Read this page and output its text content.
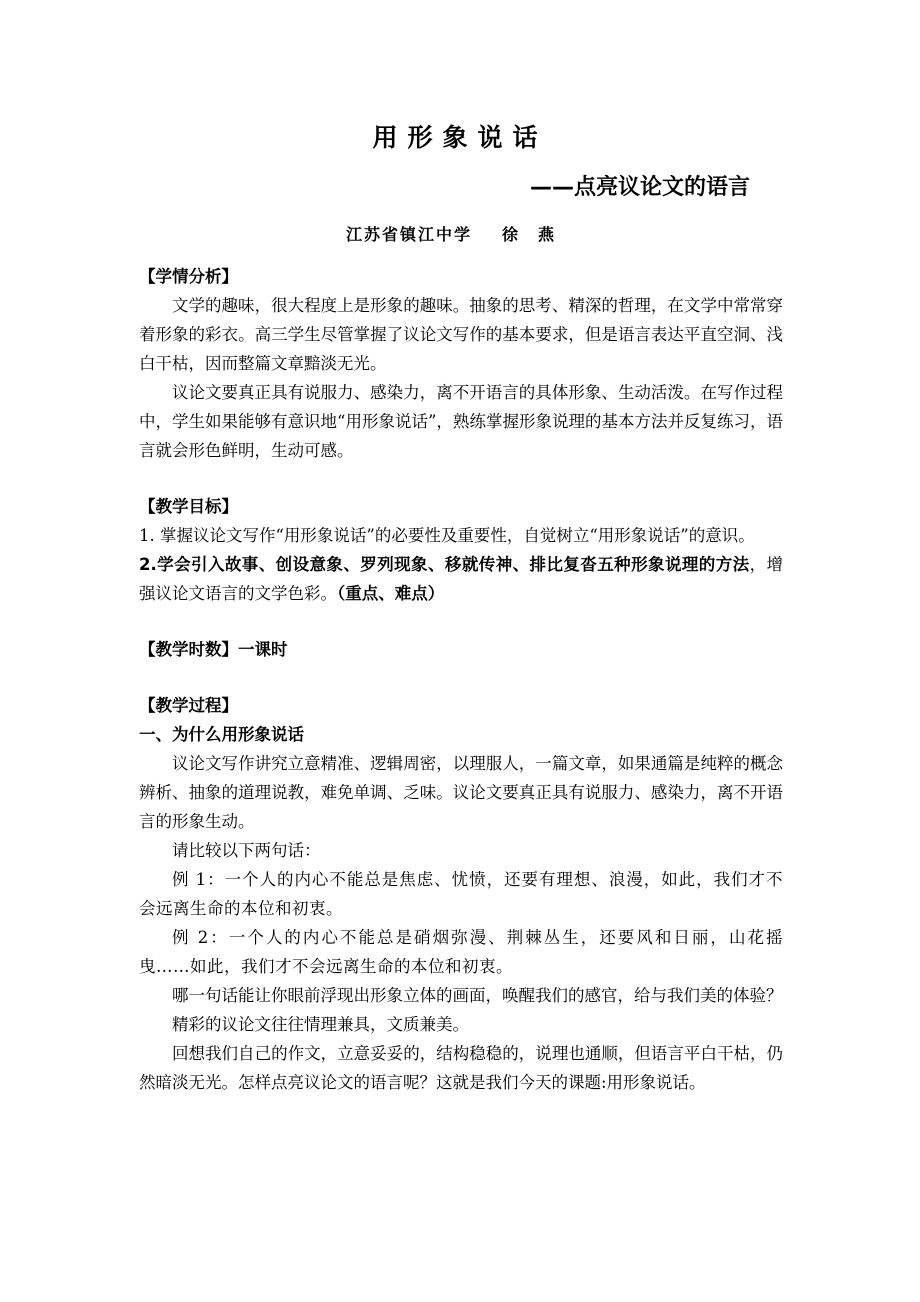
用形象说话
——点亮议论文的语言
江苏省镇江中学 徐燕

【学情分析】

文学的趣味，很大程度上是形象的趣味。抽象的思考、精深的哲理，在文学中常常穿着形象的彩衣。高三学生尽管掌握了议论文写作的基本要求，但是语言表达平直空洞、浅白干枯，因而整篇文章黯淡无光。

议论文要真正具有说服力、感染力，离不开语言的具体形象、生动活泼。在写作过程中，学生如果能够有意识地“用形象说话”，熟练掌握形象说理的基本方法并反复练习，语言就会形色鲜明，生动可感。

【教学目标】

1. 掌握议论文写作“用形象说话”的必要性及重要性，自觉树立“用形象说话”的意识。

2.学会引入故事、创设意象、罗列现象、移就传神、排比复沓五种形象说理的方法，增强议论文语言的文学色彩。（重点、难点）

【教学时数】一课时

【教学过程】

一、为什么用形象说话

议论文写作讲究立意精准、逻辑周密，以理服人，一篇文章，如果通篇是纯粹的概念辨析、抽象的道理说教，难免单调、乏味。议论文要真正具有说服力、感染力，离不开语言的形象生动。

请比较以下两句话：

例 1：一个人的内心不能总是焦虑、忧愤，还要有理想、浪漫，如此，我们才不会远离生命的本位和初衷。

例 2：一个人的内心不能总是硝烟弥漫、荆棘丛生，还要风和日丽，山花摇曳……如此，我们才不会远离生命的本位和初衷。

哪一句话能让你眼前浮现出形象立体的画面，唤醒我们的感官，给与我们美的体验？

精彩的议论文往往情理兼具，文质兼美。

回想我们自己的作文，立意妥妥的，结构稳稳的，说理也通顺，但语言平白干枯，仍然暗淡无光。怎样点亮议论文的语言呢？这就是我们今天的课题:用形象说话。
